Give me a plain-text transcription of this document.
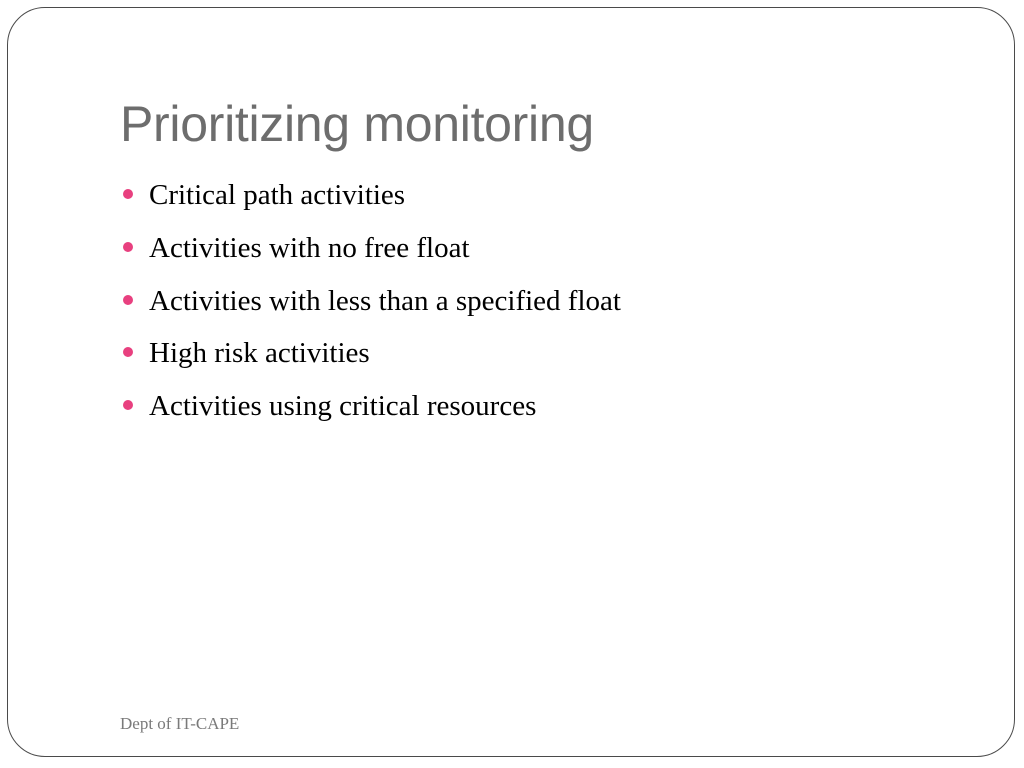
Prioritizing monitoring
Critical path activities
Activities with no free float
Activities with less than a specified float
High risk activities
Activities using critical resources
Dept of IT-CAPE
